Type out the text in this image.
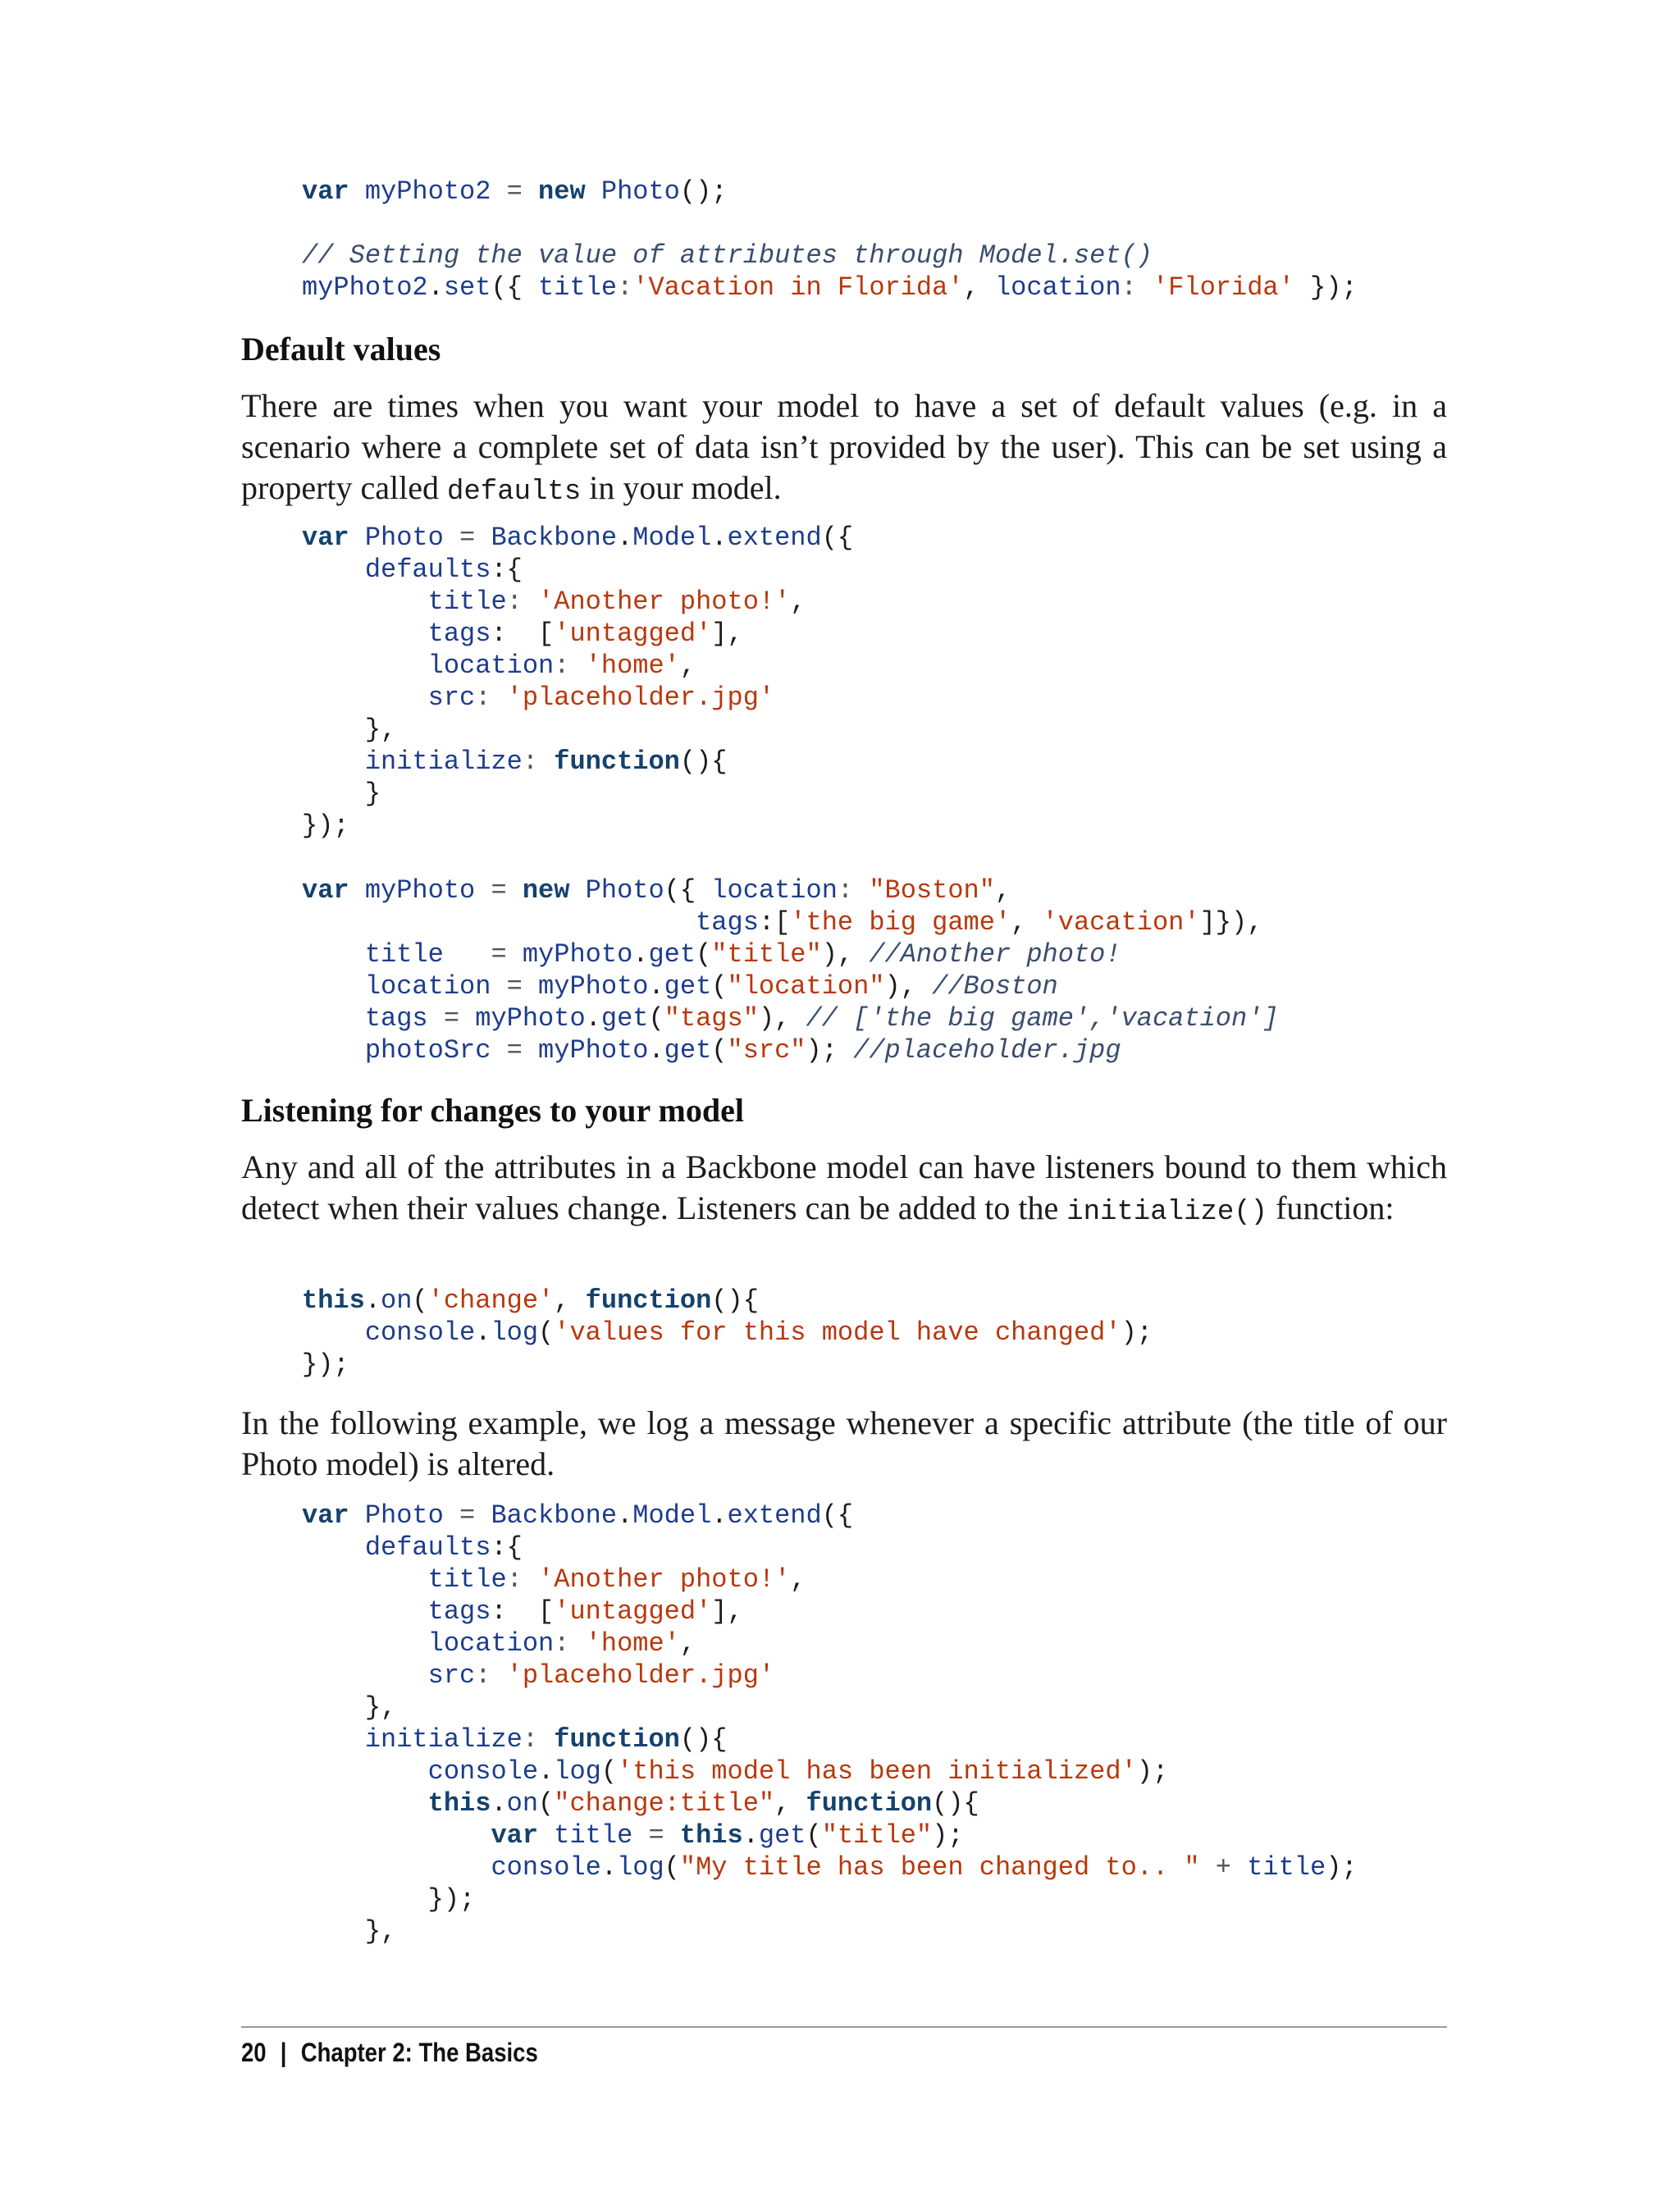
var myPhoto2 = new Photo();

// Setting the value of attributes through Model.set()
myPhoto2.set({ title:'Vacation in Florida', location: 'Florida' });
Default values

There are times when you want your model to have a set of default values (e.g. in a scenario where a complete set of data isn’t provided by the user). This can be set using a property called defaults in your model.

var Photo = Backbone.Model.extend({
defaults:{
title: 'Another photo!',
tags:  ['untagged'],
location: 'home',
src: 'placeholder.jpg'
},
initialize: function(){
}
});
var myPhoto = new Photo({ location: "Boston",
tags:['the big game', 'vacation']}),
title   = myPhoto.get("title"), //Another photo!
location = myPhoto.get("location"), //Boston
tags = myPhoto.get("tags"), // ['the big game','vacation']
photoSrc = myPhoto.get("src"); //placeholder.jpg
Listening for changes to your model

Any and all of the attributes in a Backbone model can have listeners bound to them which detect when their values change. Listeners can be added to the initialize() function:

this.on('change', function(){
console.log('values for this model have changed');
});

In the following example, we log a message whenever a specific attribute (the title of our Photo model) is altered.

var Photo = Backbone.Model.extend({
defaults:{
title: 'Another photo!',
tags:  ['untagged'],
location: 'home',
src: 'placeholder.jpg'
},
initialize: function(){
console.log('this model has been initialized');
this.on("change:title", function(){
var title = this.get("title");
console.log("My title has been changed to.. " + title);
});
},
20 | Chapter 2: The Basics
